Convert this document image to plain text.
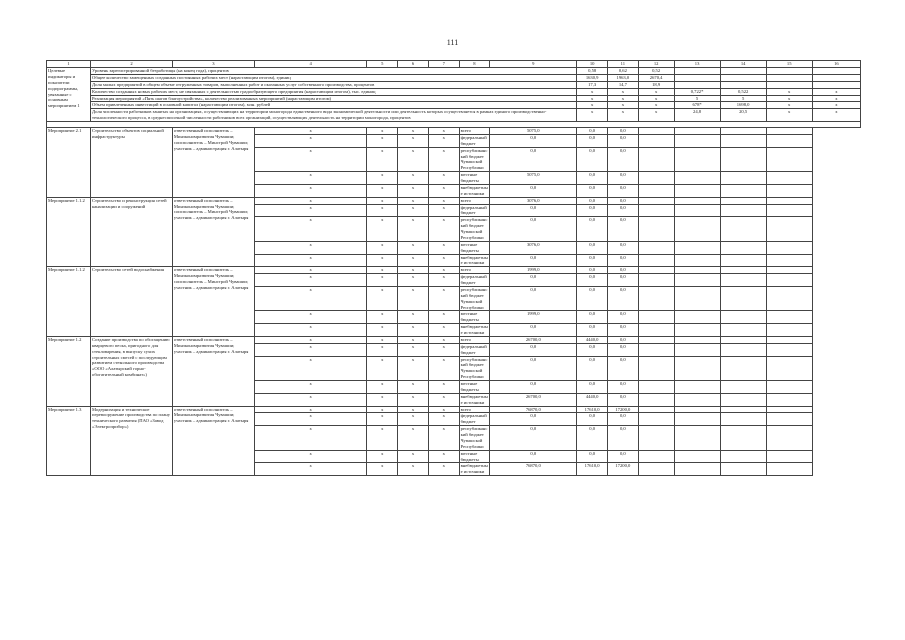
111
1	2	3	4	5	6	7	8	9	10	11	12	13	14	15	16
Целевые индикаторы и показатели подпрограммы, увязанные с основным мероприятием 1	Уровень зарегистрированной безработицы (на конец года), процентов								0,58	0,62	0,52				
	Общее количество замещенных созданных постоянных рабочих мест (нарастающим итогом), единиц								1630,9	1963,0	2670,4				
	Доля малых предприятий в общем объеме отгруженных товаров, выполненных работ и оказанных услуг собственного производства, процентов								17,3	14,7	18,9				
	Количество созданных новых рабочих мест, не связанных с деятельностью градообразующего предприятия (нарастающим итогом), тыс. единиц								x	x	x	0,722*	0,522	x	x
	Реализация мероприятий «Пять шагов благоустройства», количество реализованных мероприятий (нарастающим итогом)								x	x	x	5	5	x	x
	Объем привлеченных инвестиций в основной капитал (нарастающим итогом), млн. рублей								x	x	x	678*	1698,0	x	x
	Доля численности работников занятых на организациях, осуществляющих на территории моногорода единственного вида экономической деятельности или деятельность которых осуществляется в рамках единого производственно-технологического процесса, в среднесписочной численности работников всех организаций, осуществляющих деятельность на территории моногорода, процентов								x	x	x	24,8	20,5	x	x

Мероприятие 2.1	Строительство объектов социальной инфраструктуры	ответственный исполнитель – Минэкономразвития Чувашии; соисполнитель – Минстрой Чувашии; участник – администрация г. Алатыря	x	x	x	x	всего	5075,0	0,0	0,0					
			x	x	x	x	федеральный бюджет	0,0	0,0	0,0					
			x	x	x	x	республиканский бюджет Чувашской Республики	0,0	0,0	0,0					
			x	x	x	x	местные бюджеты	5075,0	0,0	0,0					
			x	x	x	x	внебюджетные источники	0,0	0,0	0,0					
Мероприятие 1.1.2	Строительство и реконструкция сетей канализации и сооружений	ответственный исполнитель – Минэкономразвития Чувашии; соисполнитель – Минстрой Чувашии; участник – администрация г. Алатыря	x	x	x	x	всего	3076,0	0,0	0,0					
			x	x	x	x	федеральный бюджет	0,0	0,0	0,0					
			x	x	x	x	республиканский бюджет Чувашской Республики	0,0	0,0	0,0					
			x	x	x	x	местные бюджеты	3076,0	0,0	0,0					
			x	x	x	x	внебюджетные источники	0,0	0,0	0,0					
Мероприятие 1.1.2	Строительство сетей водоснабжения	ответственный исполнитель – Минэкономразвития Чувашии; соисполнитель – Минстрой Чувашии; участник – администрация г. Алатыря	x	x	x	x	всего	1999,0	0,0	0,0					
			x	x	x	x	федеральный бюджет	0,0	0,0	0,0					
			x	x	x	x	республиканский бюджет Чувашской Республики	0,0	0,0	0,0					
			x	x	x	x	местные бюджеты	1999,0	0,0	0,0					
			x	x	x	x	внебюджетные источники	0,0	0,0	0,0					
Мероприятие 1.2	Создание производства по обогащению кварцевого песка, пригодного для стекловарения, в выпуску сухих строительных смесей с последующим развитием стекольного производства «ООО «Алатырский горно-обогатительный комбинат»)	ответственный исполнитель – Минэкономразвития Чувашии; участник – администрация г. Алатыря	x	x	x	x	всего	26700,0	4440,0	0,0					
			x	x	x	x	федеральный бюджет	0,0	0,0	0,0					
			x	x	x	x	республиканский бюджет Чувашской Республики	0,0	0,0	0,0					
			x	x	x	x	местные бюджеты	0,0	0,0	0,0					
			x	x	x	x	внебюджетные источники	26700,0	4440,0	0,0					
Мероприятие 1.3	Модернизация и техническое перевооружение производства по плану технического развития (ПАО «Завод «Электроприбор»)	ответственный исполнитель – Минэкономразвития Чувашии; участник – администрация г. Алатыря	x	x	x	x	всего	76870,0	17610,0	17200,0					
			x	x	x	x	федеральный бюджет	0,0	0,0	0,0					
			x	x	x	x	республиканский бюджет Чувашской Республики	0,0	0,0	0,0					
			x	x	x	x	местные бюджеты	0,0	0,0	0,0					
			x	x	x	x	внебюджетные источники	76870,0	17610,0	17200,0					
